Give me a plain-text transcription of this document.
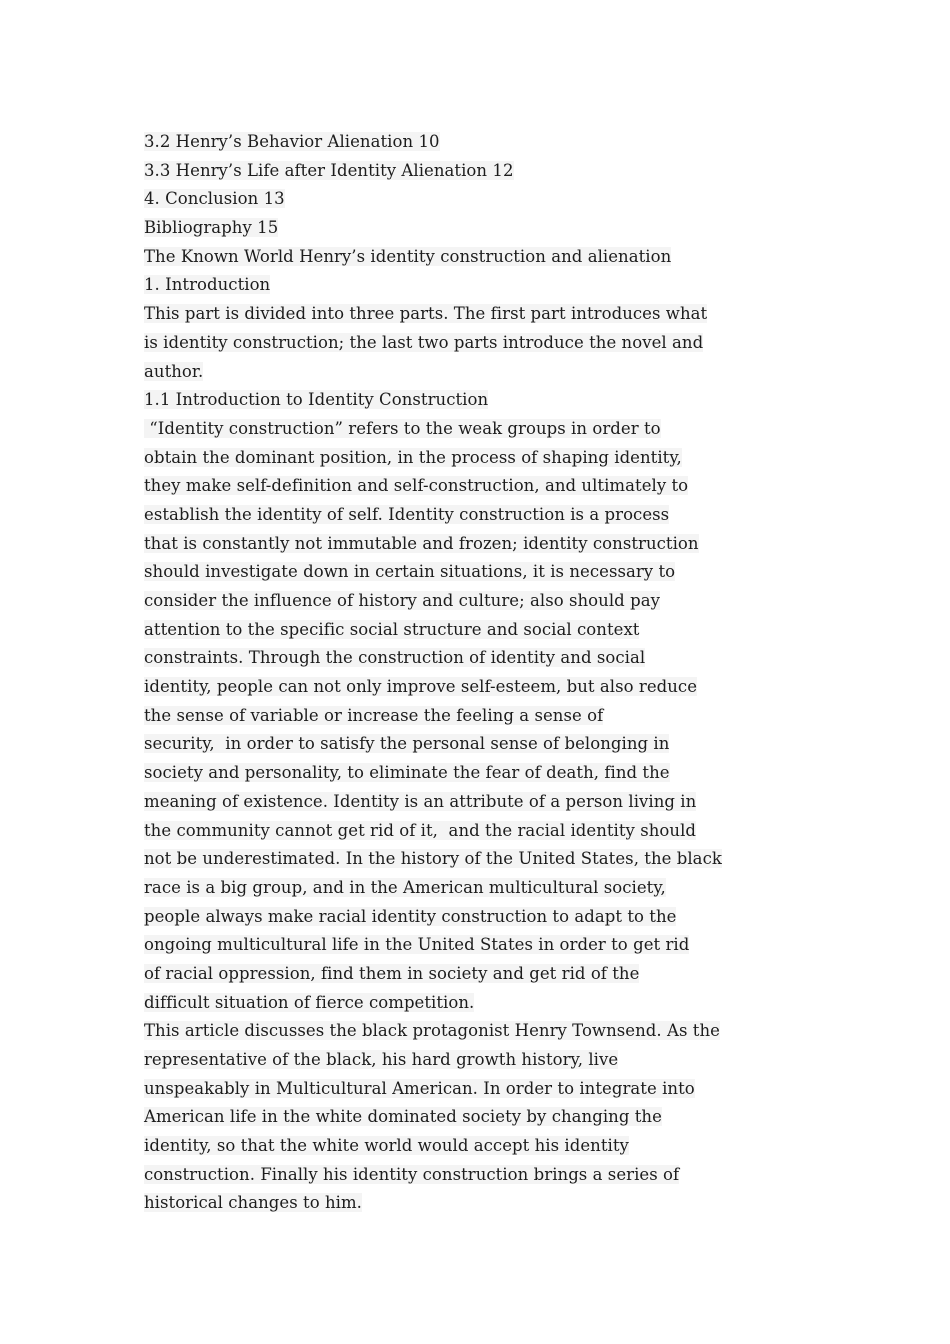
3.2 Henry’s Behavior Alienation 10
3.3 Henry’s Life after Identity Alienation 12
4. Conclusion 13
Bibliography 15
The Known World Henry’s identity construction and alienation
1. Introduction
This part is divided into three parts. The first part introduces what
is identity construction; the last two parts introduce the novel and
author.
1.1 Introduction to Identity Construction
“Identity construction” refers to the weak groups in order to
obtain the dominant position, in the process of shaping identity,
they make self-definition and self-construction, and ultimately to
establish the identity of self. Identity construction is a process
that is constantly not immutable and frozen; identity construction
should investigate down in certain situations, it is necessary to
consider the influence of history and culture; also should pay
attention to the specific social structure and social context
constraints. Through the construction of identity and social
identity, people can not only improve self-esteem, but also reduce
the sense of variable or increase the feeling a sense of
security,  in order to satisfy the personal sense of belonging in
society and personality, to eliminate the fear of death, find the
meaning of existence. Identity is an attribute of a person living in
the community cannot get rid of it,  and the racial identity should
not be underestimated. In the history of the United States, the black
race is a big group, and in the American multicultural society,
people always make racial identity construction to adapt to the
ongoing multicultural life in the United States in order to get rid
of racial oppression, find them in society and get rid of the
difficult situation of fierce competition.
This article discusses the black protagonist Henry Townsend. As the
representative of the black, his hard growth history, live
unspeakably in Multicultural American. In order to integrate into
American life in the white dominated society by changing the
identity, so that the white world would accept his identity
construction. Finally his identity construction brings a series of
historical changes to him.
